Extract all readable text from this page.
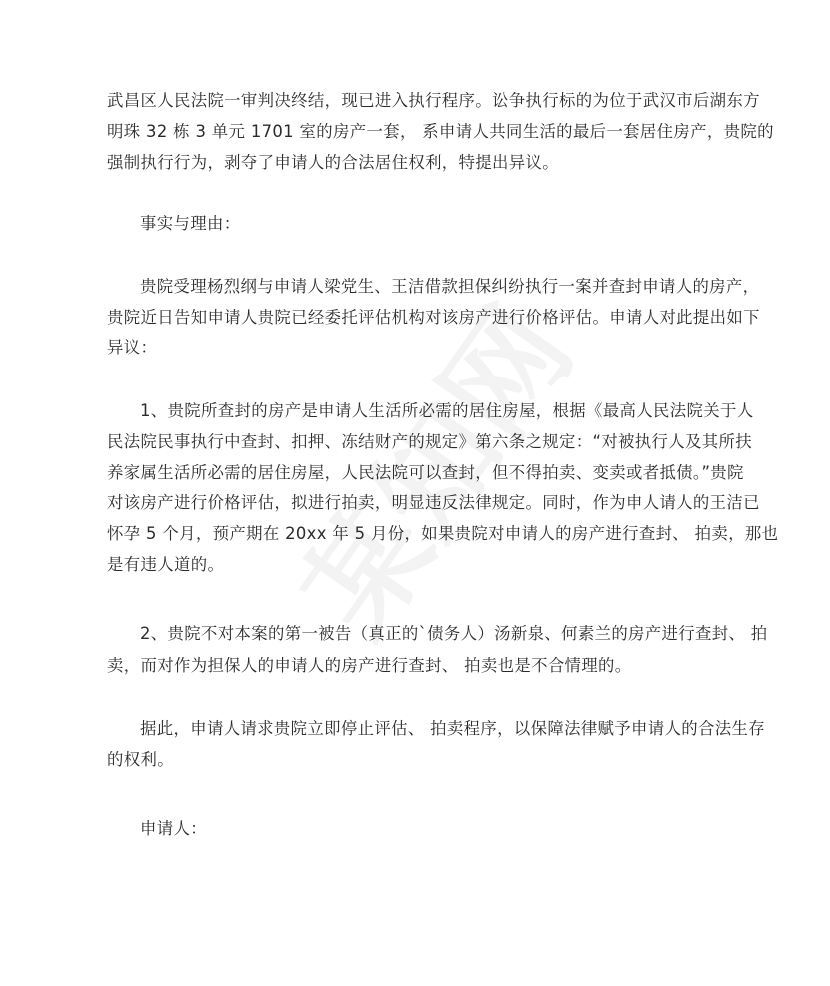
武昌区人民法院一审判决终结，现已进入执行程序。讼争执行标的为位于武汉市后湖东方
明珠 32 栋 3 单元 1701 室的房产一套， 系申请人共同生活的最后一套居住房产，贵院的
强制执行行为，剥夺了申请人的合法居住权利，特提出异议。
事实与理由：
贵院受理杨烈纲与申请人梁党生、王洁借款担保纠纷执行一案并查封申请人的房产，
贵院近日告知申请人贵院已经委托评估机构对该房产进行价格评估。申请人对此提出如下
异议：
1、贵院所查封的房产是申请人生活所必需的居住房屋，根据《最高人民法院关于人
民法院民事执行中查封、扣押、冻结财产的规定》第六条之规定：“对被执行人及其所扶
养家属生活所必需的居住房屋，人民法院可以查封，但不得拍卖、变卖或者抵债。”贵院
对该房产进行价格评估，拟进行拍卖，明显违反法律规定。同时，作为申人请人的王洁已
怀孕 5 个月，预产期在 20xx 年 5 月份，如果贵院对申请人的房产进行查封、 拍卖，那也
是有违人道的。
2、贵院不对本案的第一被告（真正的`债务人）汤新泉、何素兰的房产进行查封、 拍
卖，而对作为担保人的申请人的房产进行查封、 拍卖也是不合情理的。
据此，申请人请求贵院立即停止评估、 拍卖程序，以保障法律赋予申请人的合法生存
的权利。
申请人：
